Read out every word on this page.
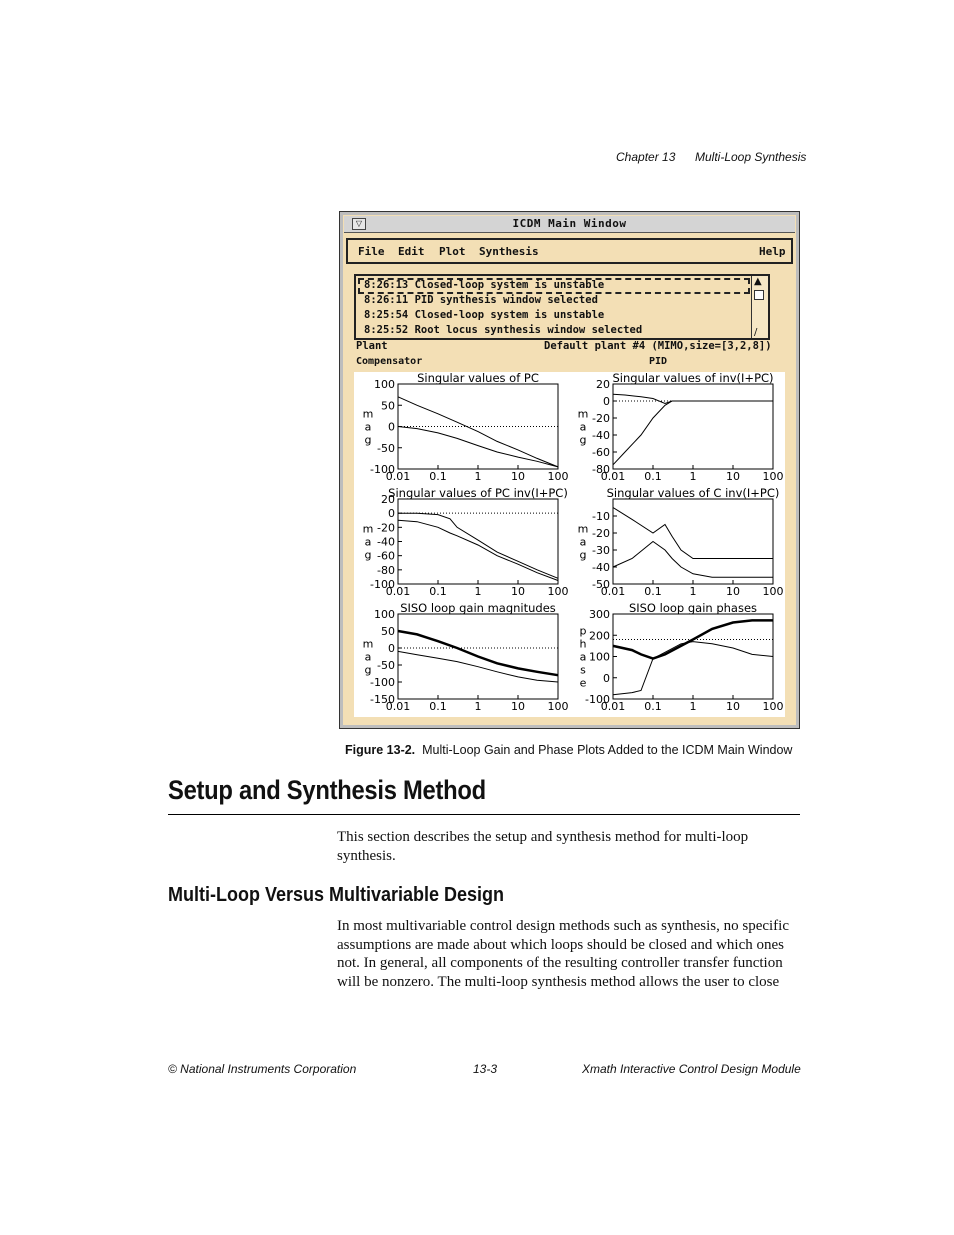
Chapter 13 Multi-Loop Synthesis
▽	ICDM Main Window
File Edit Plot Synthesis	Help
8:26:13 Closed-loop system is unstable
8:26:11 PID synthesis window selected
8:25:54 Closed-loop system is unstable
8:25:52 Root locus synthesis window selected
▲
/
Plant	Default plant #4 (MIMO,size=[3,2,8])
Compensator	PID
Singular values of PC
0.01 0.1	1	10 100
100
50
0
-50
-100
m
a
g
Singular values of inv(I+PC)
0.01 0.1	1	10 100
20
0
-20
-40
-60
-80
m
a
g
Singular values of PC inv(I+PC)
0.01 0.1	1	10 100
20
0
-20
-40
-60
-80
-100
m
a
g
Singular values of C inv(I+PC)
0.01 0.1	1	10 100
-10
-20
-30
-40
-50
m
a
g
SISO loop gain magnitudes
0.01 0.1	1	10 100
100
50
0
-50
-100
-150
m
a
g
SISO loop gain phases
0.01 0.1	1	10 100
300
200
100
0
-100
p
h
a
s
e
Figure 13-2. Multi-Loop Gain and Phase Plots Added to the ICDM Main Window
Setup and Synthesis Method
This section describes the setup and synthesis method for multi-loop synthesis.
Multi-Loop Versus Multivariable Design
In most multivariable control design methods such as synthesis, no specific assumptions are made about which loops should be closed and which ones not. In general, all components of the resulting controller transfer function will be nonzero. The multi-loop synthesis method allows the user to close
© National Instruments Corporation	13-3	Xmath Interactive Control Design Module
